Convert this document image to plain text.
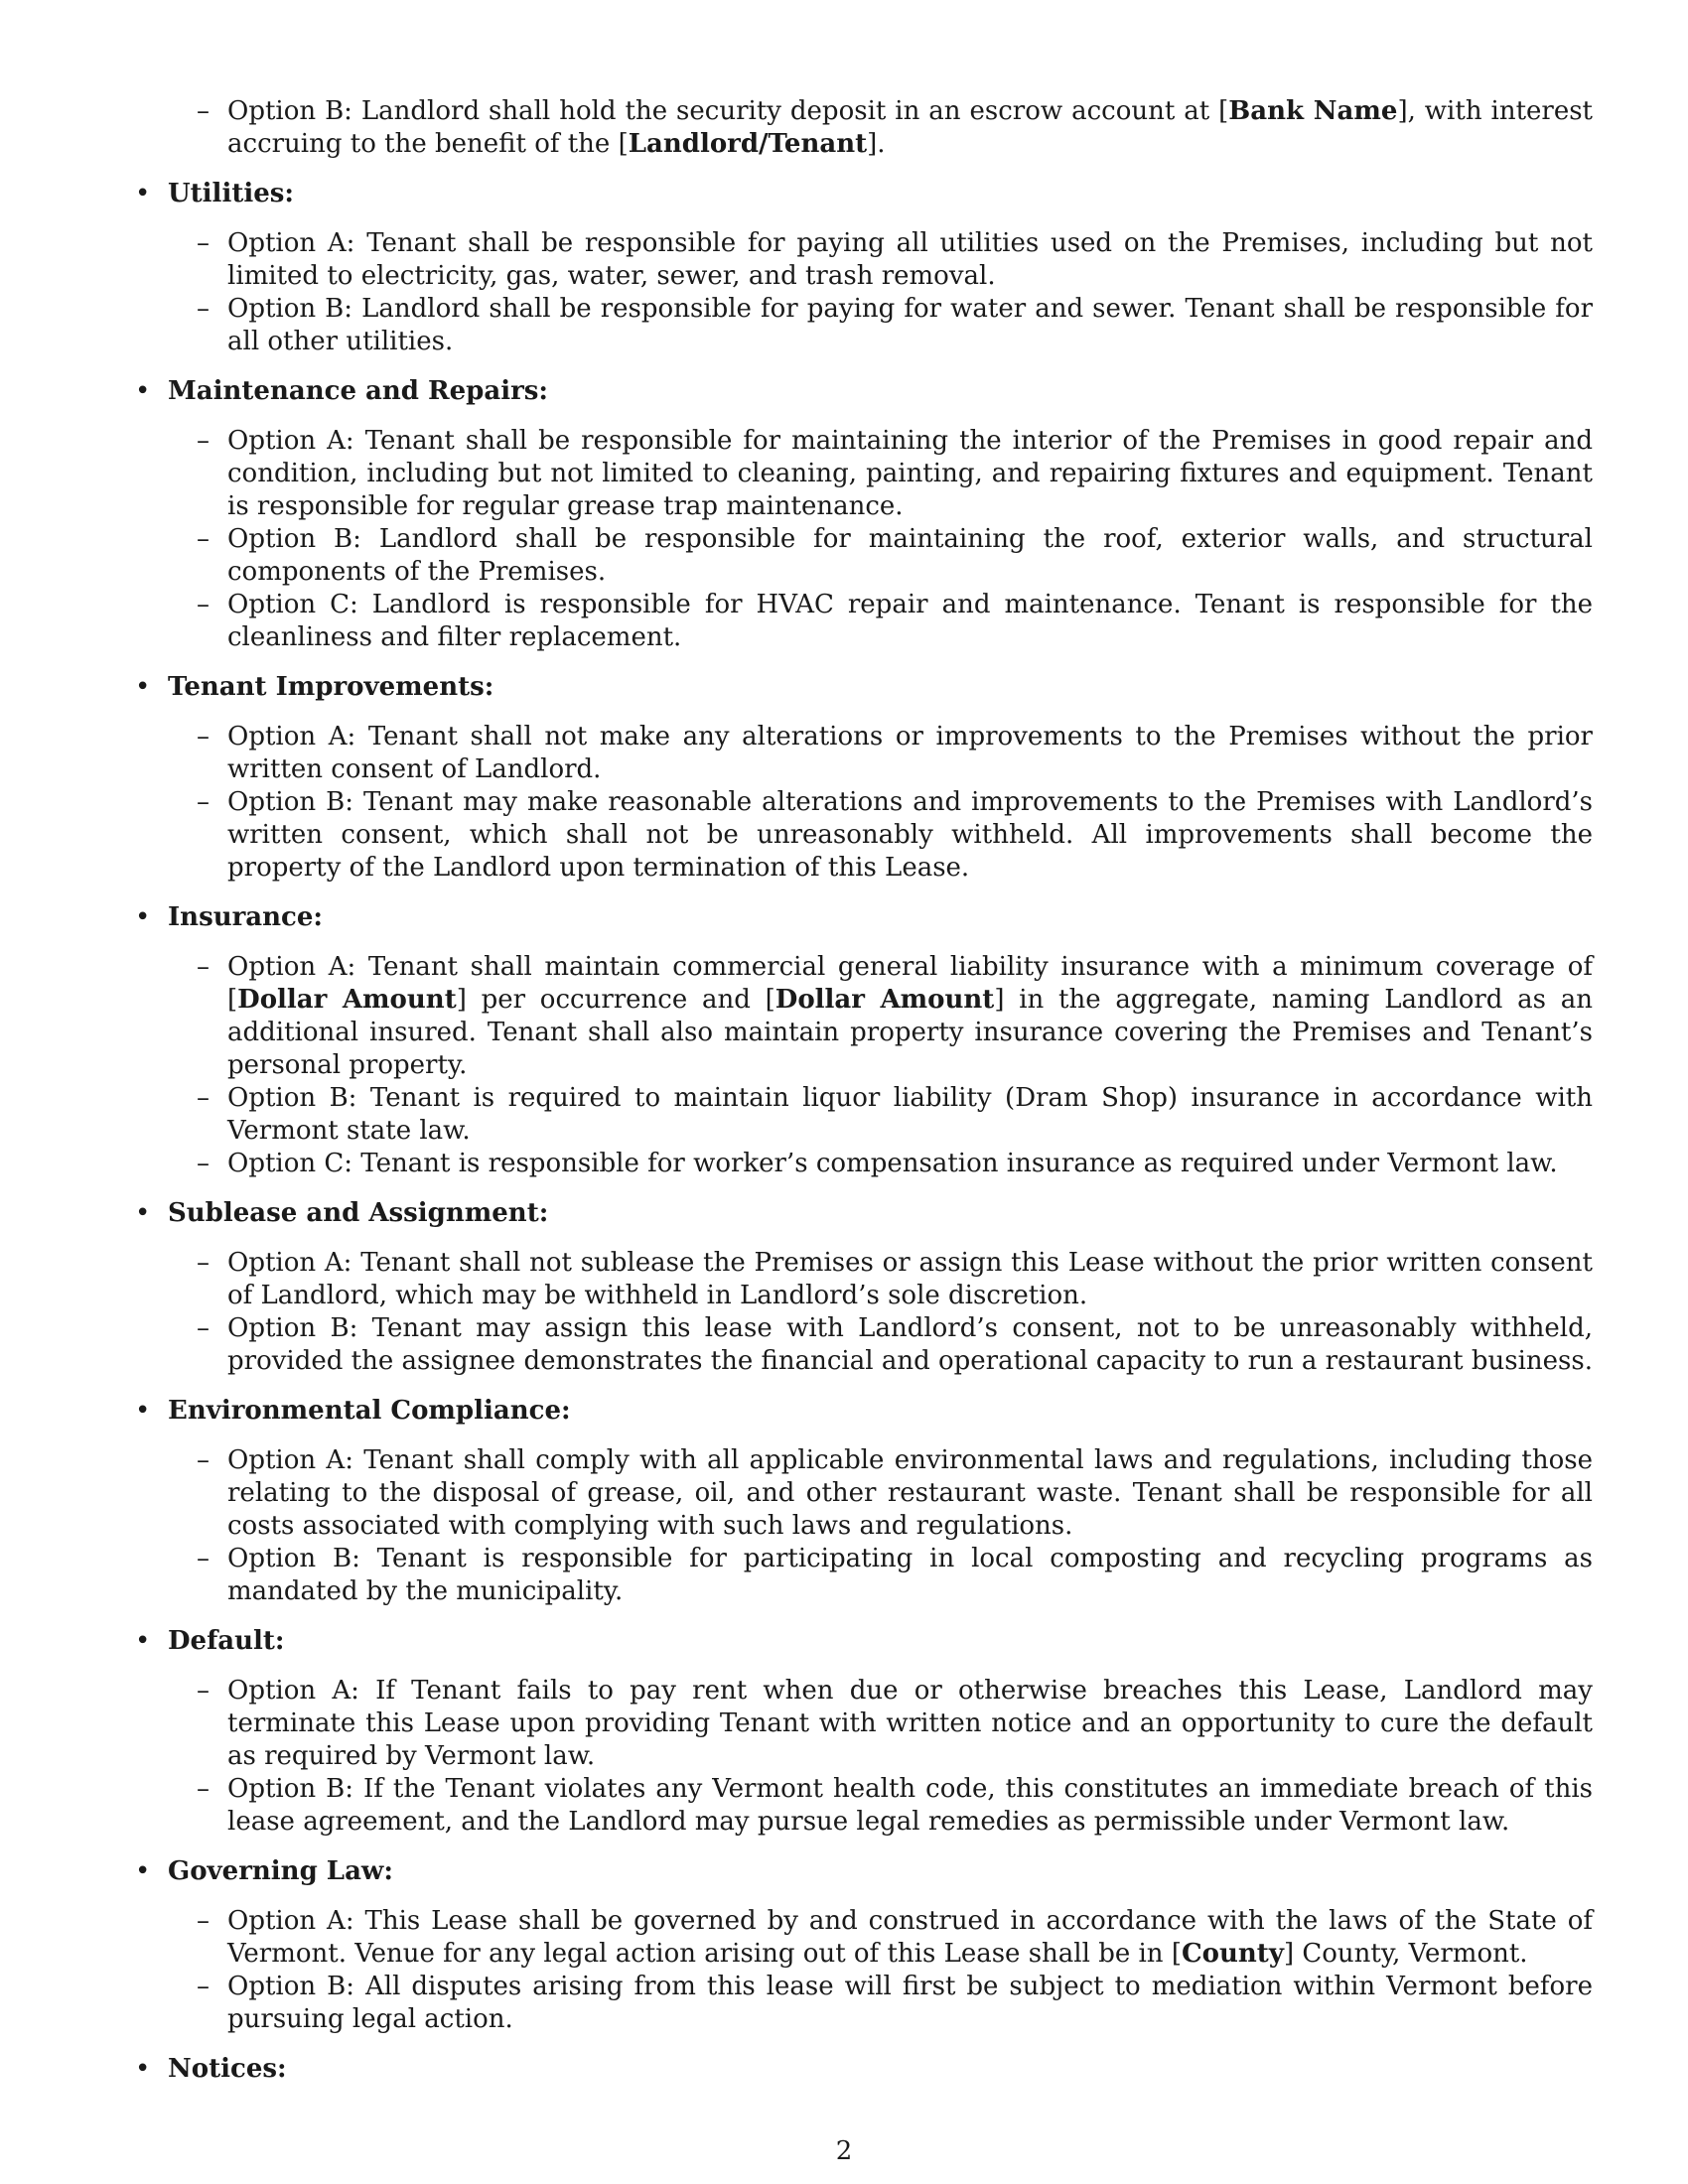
– Option B: Landlord shall hold the security deposit in an escrow account at [Bank Name], with interest accruing to the benefit of the [Landlord/Tenant].
• Utilities:
– Option A: Tenant shall be responsible for paying all utilities used on the Premises, including but not limited to electricity, gas, water, sewer, and trash removal.
– Option B: Landlord shall be responsible for paying for water and sewer. Tenant shall be responsible for all other utilities.
• Maintenance and Repairs:
– Option A: Tenant shall be responsible for maintaining the interior of the Premises in good repair and condition, including but not limited to cleaning, painting, and repairing fixtures and equipment. Tenant is responsible for regular grease trap maintenance.
– Option B: Landlord shall be responsible for maintaining the roof, exterior walls, and structural components of the Premises.
– Option C: Landlord is responsible for HVAC repair and maintenance. Tenant is responsible for the cleanliness and filter replacement.
• Tenant Improvements:
– Option A: Tenant shall not make any alterations or improvements to the Premises without the prior written consent of Landlord.
– Option B: Tenant may make reasonable alterations and improvements to the Premises with Landlord’s written consent, which shall not be unreasonably withheld. All improvements shall become the property of the Landlord upon termination of this Lease.
• Insurance:
– Option A: Tenant shall maintain commercial general liability insurance with a minimum coverage of [Dollar Amount] per occurrence and [Dollar Amount] in the aggregate, naming Landlord as an additional insured. Tenant shall also maintain property insurance covering the Premises and Tenant’s personal property.
– Option B: Tenant is required to maintain liquor liability (Dram Shop) insurance in accordance with Vermont state law.
– Option C: Tenant is responsible for worker’s compensation insurance as required under Vermont law.
• Sublease and Assignment:
– Option A: Tenant shall not sublease the Premises or assign this Lease without the prior written consent of Landlord, which may be withheld in Landlord’s sole discretion.
– Option B: Tenant may assign this lease with Landlord’s consent, not to be unreasonably withheld, provided the assignee demonstrates the financial and operational capacity to run a restaurant business.
• Environmental Compliance:
– Option A: Tenant shall comply with all applicable environmental laws and regulations, including those relating to the disposal of grease, oil, and other restaurant waste. Tenant shall be responsible for all costs associated with complying with such laws and regulations.
– Option B: Tenant is responsible for participating in local composting and recycling programs as mandated by the municipality.
• Default:
– Option A: If Tenant fails to pay rent when due or otherwise breaches this Lease, Landlord may terminate this Lease upon providing Tenant with written notice and an opportunity to cure the default as required by Vermont law.
– Option B: If the Tenant violates any Vermont health code, this constitutes an immediate breach of this lease agreement, and the Landlord may pursue legal remedies as permissible under Vermont law.
• Governing Law:
– Option A: This Lease shall be governed by and construed in accordance with the laws of the State of Vermont. Venue for any legal action arising out of this Lease shall be in [County] County, Vermont.
– Option B: All disputes arising from this lease will first be subject to mediation within Vermont before pursuing legal action.
• Notices:
2
